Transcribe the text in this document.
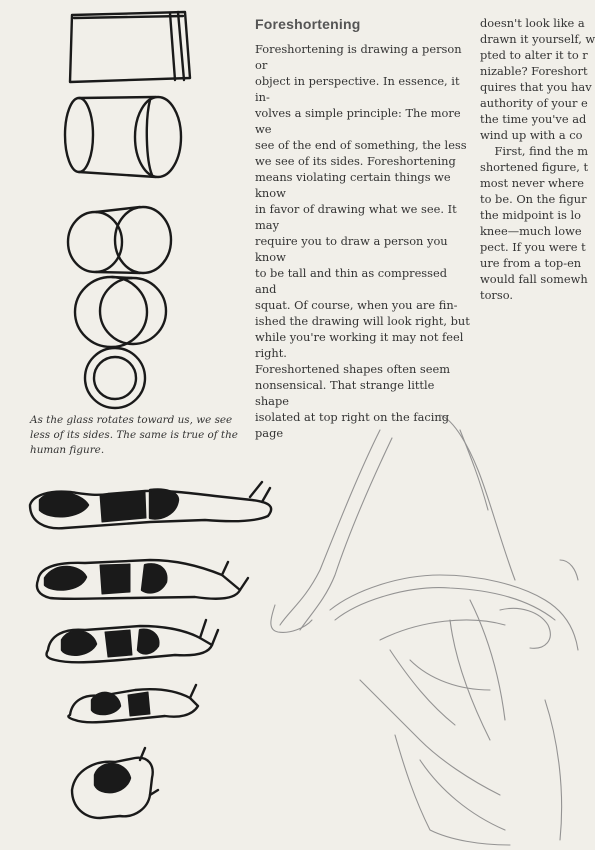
Foreshortening
Foreshortening is drawing a person or
object in perspective. In essence, it in-
volves a simple principle: The more we
see of the end of something, the less
we see of its sides. Foreshortening
means violating certain things we know
in favor of drawing what we see. It may
require you to draw a person you know
to be tall and thin as compressed and
squat. Of course, when you are fin-
ished the drawing will look right, but
while you're working it may not feel
right.
Foreshortened shapes often seem
nonsensical. That strange little shape
isolated at top right on the facing page
doesn't look like a
drawn it yourself, w
pted to alter it to r
nizable? Foreshort
quires that you hav
authority of your e
the time you've ad
wind up with a co
First, find the m
shortened figure, t
most never where
to be. On the figur
the midpoint is lo
knee—much lowe
pect. If you were t
ure from a top-en
would fall somewh
torso.
As the glass rotates toward us, we see
less of its sides. The same is true of the
human figure.
